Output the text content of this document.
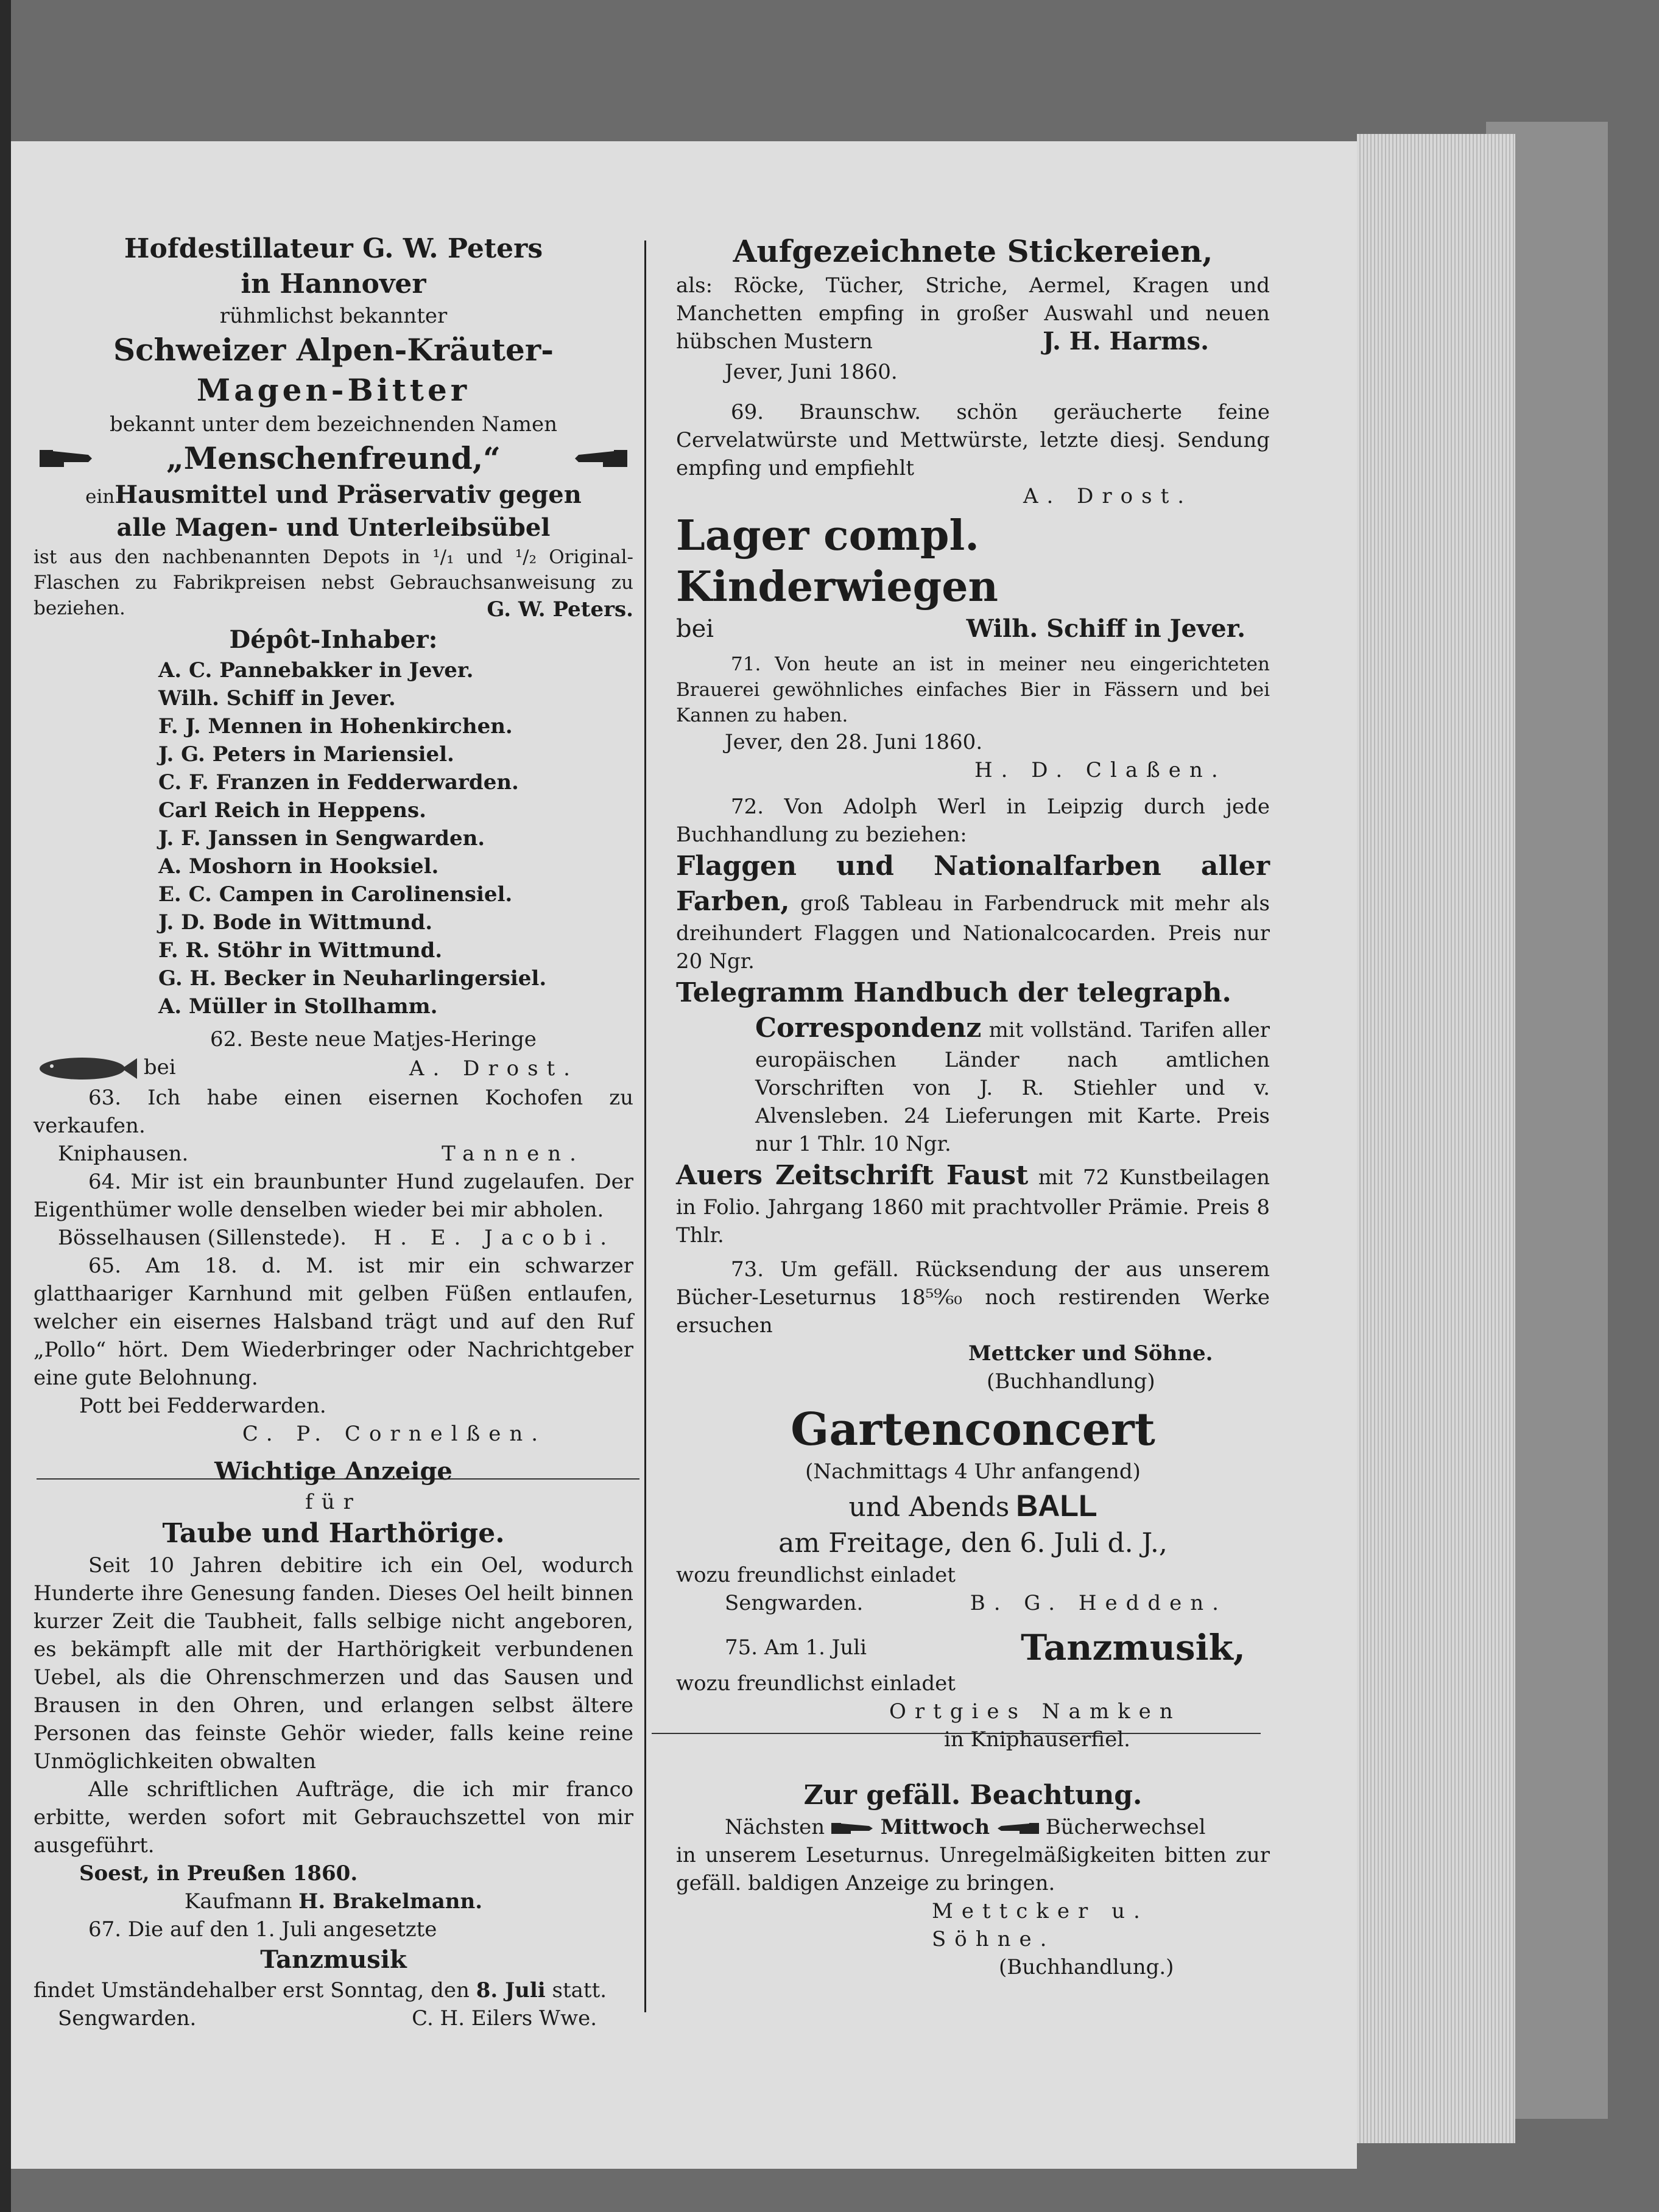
Hofdestillateur G. W. Peters

in Hannover

rühmlichst bekannter

Schweizer Alpen-Kräuter-

Magen-Bitter

bekannt unter dem bezeichnenden Namen

„Menschenfreund,“

einHausmittel und Präservativ gegen

alle Magen- und Unterleibsübel

ist aus den nachbenannten Depots in ¹/₁ und ¹/₂ Original-Flaschen zu Fabrikpreisen nebst Gebrauchsanweisung zu beziehen.	G. W. Peters.

Dépôt-Inhaber:

A. C. Pannebakker in Jever.

Wilh. Schiff in Jever.

F. J. Mennen in Hohenkirchen.

J. G. Peters in Mariensiel.

C. F. Franzen in Fedderwarden.

Carl Reich in Heppens.

J. F. Janssen in Sengwarden.

A. Moshorn in Hooksiel.

E. C. Campen in Carolinensiel.

J. D. Bode in Wittmund.

F. R. Stöhr in Wittmund.

G. H. Becker in Neuharlingersiel.

A. Müller in Stollhamm.

62. Beste neue Matjes-Heringe

bei	A. Drost.

63. Ich habe einen eisernen Kochofen zu verkaufen.

Kniphausen.	Tannen.

64. Mir ist ein braunbunter Hund zugelaufen. Der Eigenthümer wolle denselben wieder bei mir abholen.

Bösselhausen (Sillenstede). H. E. Jacobi.

65. Am 18. d. M. ist mir ein schwarzer glatthaariger Karnhund mit gelben Füßen entlaufen, welcher ein eisernes Halsband trägt und auf den Ruf „Pollo“ hört. Dem Wiederbringer oder Nachrichtgeber eine gute Belohnung.

Pott bei Fedderwarden.

C. P. Cornelßen.

Wichtige Anzeige

für

Taube und Harthörige.

Seit 10 Jahren debitire ich ein Oel, wodurch Hunderte ihre Genesung fanden. Dieses Oel heilt binnen kurzer Zeit die Taubheit, falls selbige nicht angeboren, es bekämpft alle mit der Harthörigkeit verbundenen Uebel, als die Ohrenschmerzen und das Sausen und Brausen in den Ohren, und erlangen selbst ältere Personen das feinste Gehör wieder, falls keine reine Unmöglichkeiten obwalten

Alle schriftlichen Aufträge, die ich mir franco erbitte, werden sofort mit Gebrauchszettel von mir ausgeführt.

Soest, in Preußen 1860.

Kaufmann H. Brakelmann.

67. Die auf den 1. Juli angesetzte

Tanzmusik

findet Umständehalber erst Sonntag, den 8. Juli statt.

Sengwarden.	C. H. Eilers Wwe.

Aufgezeichnete Stickereien,

als: Röcke, Tücher, Striche, Aermel, Kragen und Manchetten empfing in großer Auswahl und neuen hübschen Mustern	J. H. Harms.

Jever, Juni 1860.

69. Braunschw. schön geräucherte feine Cervelatwürste und Mettwürste, letzte diesj. Sendung empfing und empfiehlt

A. Drost.

Lager compl. Kinderwiegen

bei	Wilh. Schiff in Jever.

71. Von heute an ist in meiner neu eingerichteten Brauerei gewöhnliches einfaches Bier in Fässern und bei Kannen zu haben.

Jever, den 28. Juni 1860.

H. D. Claßen.

72. Von Adolph Werl in Leipzig durch jede Buchhandlung zu beziehen:

Flaggen und Nationalfarben aller

Farben, groß Tableau in Farbendruck mit mehr als dreihundert Flaggen und Nationalcocarden. Preis nur 20 Ngr.

Telegramm Handbuch der telegraph.

Correspondenz mit vollständ. Tarifen aller europäischen Länder nach amtlichen Vorschriften von J. R. Stiehler und v. Alvensleben. 24 Lieferungen mit Karte. Preis nur 1 Thlr. 10 Ngr.

Auers Zeitschrift Faust mit 72 Kunstbeilagen in Folio. Jahrgang 1860 mit prachtvoller Prämie. Preis 8 Thlr.

73. Um gefäll. Rücksendung der aus unserem Bücher-Leseturnus 18⁵⁹⁄₆₀ noch restirenden Werke ersuchen

Mettcker und Söhne.

(Buchhandlung)

Gartenconcert

(Nachmittags 4 Uhr anfangend)

und Abends BALL

am Freitage, den 6. Juli d. J.,

wozu freundlichst einladet

Sengwarden.	B. G. Hedden.
75. Am 1. Juli	Tanzmusik,

wozu freundlichst einladet

Ortgies Namken

in Kniphauserfiel.

Zur gefäll. Beachtung.

Nächsten	Mittwoch	Bücherwechsel

in unserem Leseturnus. Unregelmäßigkeiten bitten zur gefäll. baldigen Anzeige zu bringen.

Mettcker u. Söhne.

(Buchhandlung.)
